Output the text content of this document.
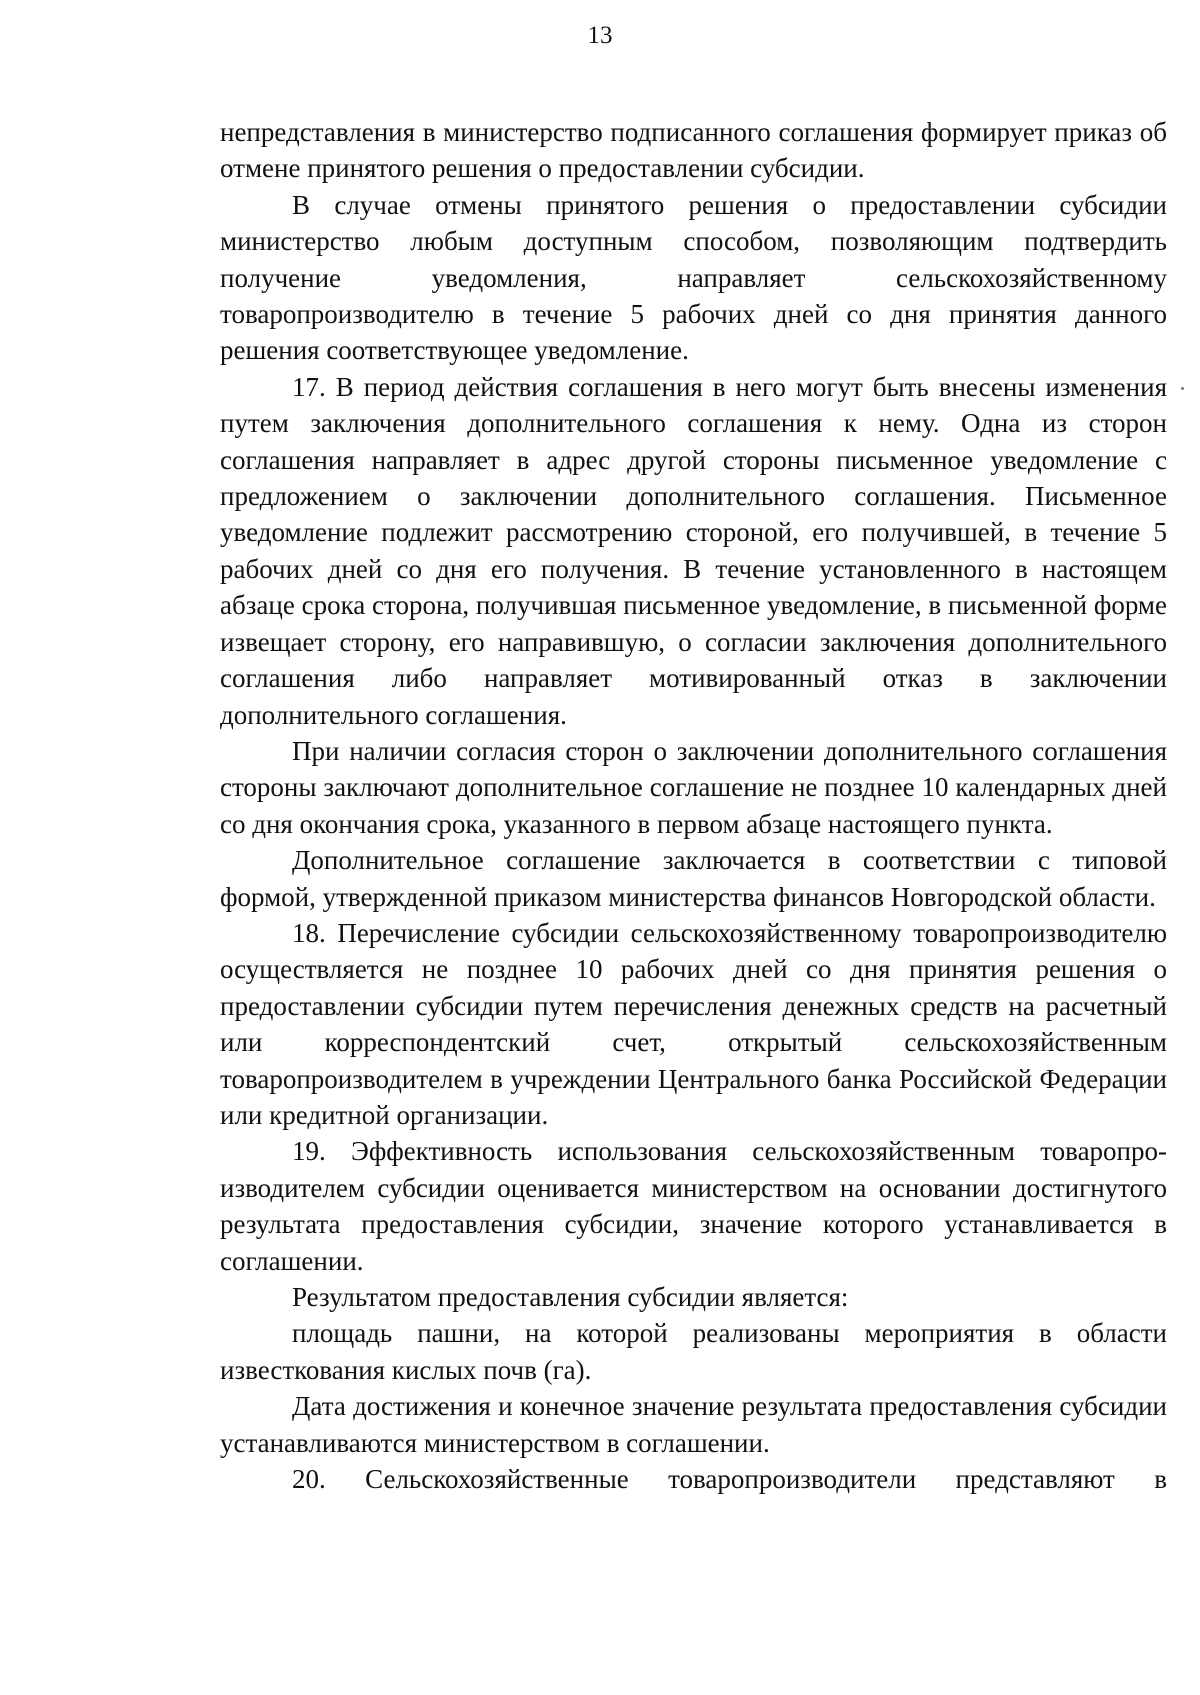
13

непредставления в министерство подписанного соглашения формирует приказ об отмене принятого решения о предоставлении субсидии.

В случае отмены принятого решения о предоставлении субсидии министерство любым доступным способом, позволяющим подтвердить получение уведомления, направляет сельскохозяйственному товаропроизводителю в течение 5 рабочих дней со дня принятия данного решения соответствующее уведомление.

17. В период действия соглашения в него могут быть внесены изменения путем заключения дополнительного соглашения к нему. Одна из сторон соглашения направляет в адрес другой стороны письменное уведомление с предложением о заключении дополнительного соглашения. Письменное уведомление подлежит рассмотрению стороной, его получившей, в течение 5 рабочих дней со дня его получения. В течение установленного в настоящем абзаце срока сторона, получившая письменное уведомление, в письменной форме извещает сторону, его направившую, о согласии заключения дополнительного соглашения либо направляет мотивированный отказ в заключении дополнительного соглашения.

При наличии согласия сторон о заключении дополнительного соглашения стороны заключают дополнительное соглашение не позднее 10 календарных дней со дня окончания срока, указанного в первом абзаце настоящего пункта.

Дополнительное соглашение заключается в соответствии с типовой формой, утвержденной приказом министерства финансов Новгородской области.

18. Перечисление субсидии сельскохозяйственному товаропроизводителю осуществляется не позднее 10 рабочих дней со дня принятия решения о предоставлении субсидии путем перечисления денежных средств на расчетный или корреспондентский счет, открытый сельскохозяйственным товаропроизводителем в учреждении Центрального банка Российской Федерации или кредитной организации.

19. Эффективность использования сельскохозяйственным товаропроизводителем субсидии оценивается министерством на основании достигнутого результата предоставления субсидии, значение которого устанавливается в соглашении.

Результатом предоставления субсидии является:

площадь пашни, на которой реализованы мероприятия в области известкования кислых почв (га).

Дата достижения и конечное значение результата предоставления субсидии устанавливаются министерством в соглашении.

20. Сельскохозяйственные товаропроизводители представляют в
